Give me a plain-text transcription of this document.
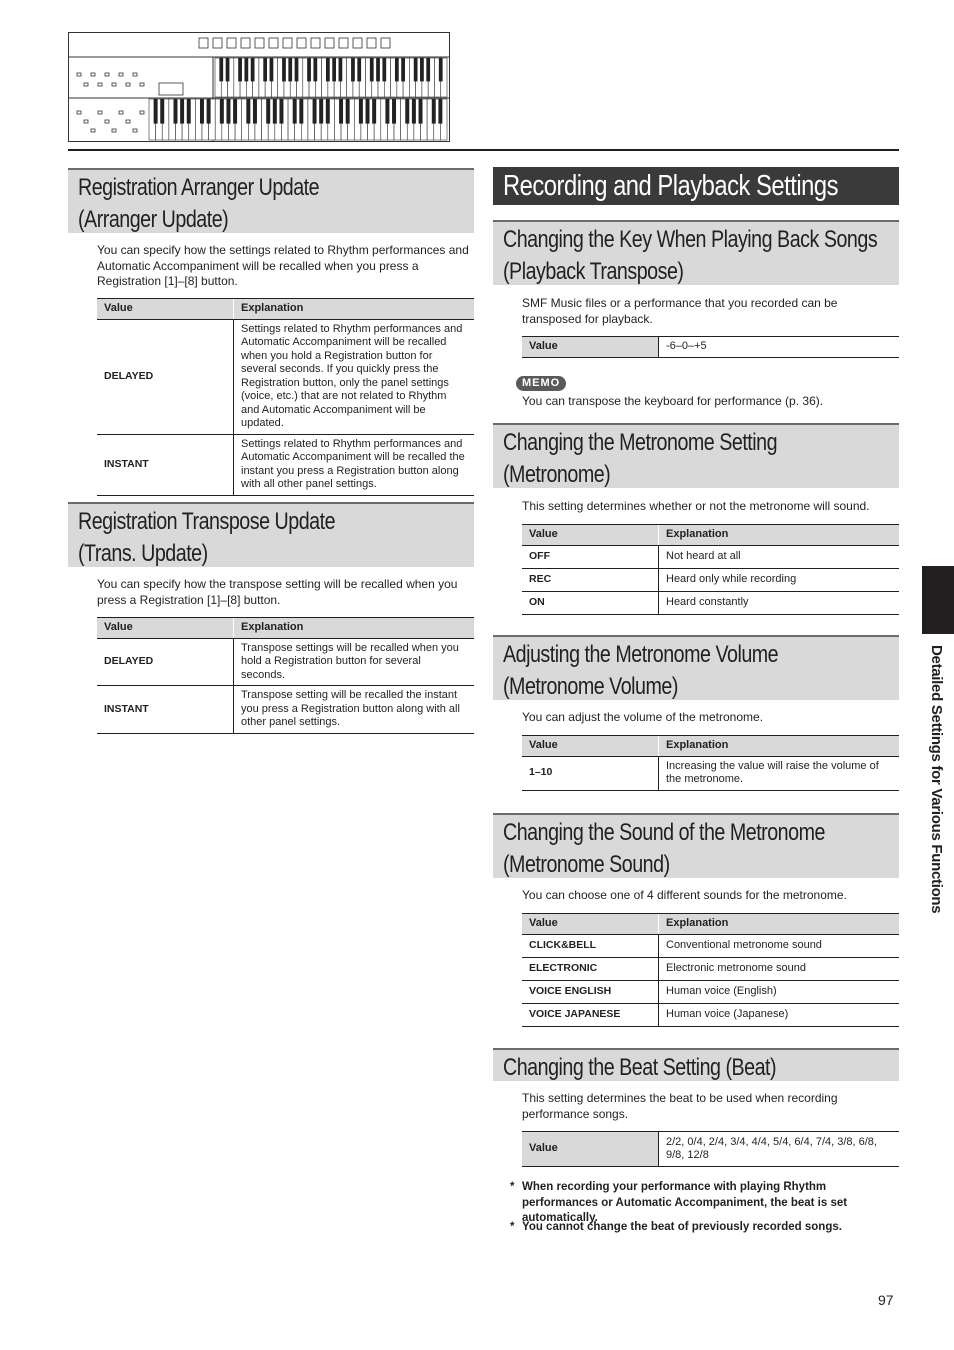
Registration Arranger Update
(Arranger Update)
You can specify how the settings related to Rhythm performances and Automatic Accompaniment will be recalled when you press a Registration [1]–[8] button.
Value	Explanation
DELAYED	Settings related to Rhythm performances and Automatic Accompaniment will be recalled when you hold a Registration button for several seconds. If you quickly press the Registration button, only the panel settings (voice, etc.) that are not related to Rhythm and Automatic Accompaniment will be updated.
INSTANT	Settings related to Rhythm performances and Automatic Accompaniment will be recalled the instant you press a Registration button along with all other panel settings.
Registration Transpose Update
(Trans. Update)
You can specify how the transpose setting will be recalled when you press a Registration [1]–[8] button.
Value	Explanation
DELAYED	Transpose settings will be recalled when you hold a Registration button for several seconds.
INSTANT	Transpose setting will be recalled the instant you press a Registration button along with all other panel settings.
Recording and Playback Settings
Changing the Key When Playing Back Songs
(Playback Transpose)
SMF Music files or a performance that you recorded can be transposed for playback.
Value	-6–0–+5
MEMO
You can transpose the keyboard for performance (p. 36).
Changing the Metronome Setting
(Metronome)
This setting determines whether or not the metronome will sound.
Value	Explanation
OFF	Not heard at all
REC	Heard only while recording
ON	Heard constantly
Adjusting the Metronome Volume
(Metronome Volume)
You can adjust the volume of the metronome.
Value	Explanation
1–10	Increasing the value will raise the volume of the metronome.
Changing the Sound of the Metronome
(Metronome Sound)
You can choose one of 4 different sounds for the metronome.
Value	Explanation
CLICK&BELL	Conventional metronome sound
ELECTRONIC	Electronic metronome sound
VOICE ENGLISH	Human voice (English)
VOICE JAPANESE	Human voice (Japanese)
Changing the Beat Setting (Beat)
This setting determines the beat to be used when recording performance songs.
Value	2/2, 0/4, 2/4, 3/4, 4/4, 5/4, 6/4, 7/4, 3/8, 6/8, 9/8, 12/8
* When recording your performance with playing Rhythm performances or Automatic Accompaniment, the beat is set automatically.
* You cannot change the beat of previously recorded songs.
Detailed Settings for Various Functions
97
